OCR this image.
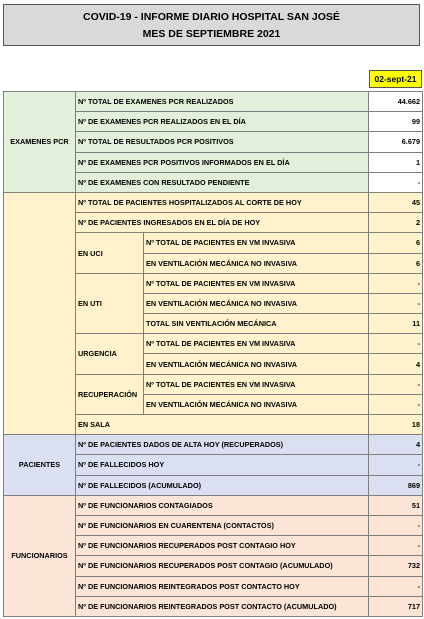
COVID-19 - INFORME DIARIO HOSPITAL SAN JOSÉ
MES DE SEPTIEMBRE 2021
02-sept-21
EXAMENES PCR	Nº TOTAL DE EXAMENES PCR REALIZADOS		44.662
	Nº DE EXAMENES PCR REALIZADOS EN EL DÍA		99
	Nº TOTAL DE RESULTADOS PCR POSITIVOS		6.679
	Nº DE EXAMENES PCR POSITIVOS INFORMADOS EN EL DÍA		1
	Nº DE EXAMENES CON RESULTADO PENDIENTE		-
	Nº TOTAL DE PACIENTES HOSPITALIZADOS AL CORTE DE HOY		45
	Nº DE PACIENTES INGRESADOS EN EL DÍA DE HOY		2
	EN UCI	Nº TOTAL DE PACIENTES EN VM INVASIVA	6
		EN VENTILACIÓN MECÁNICA NO INVASIVA	6
	EN UTI	Nº TOTAL DE PACIENTES EN VM INVASIVA	-
		EN VENTILACIÓN MECÁNICA NO INVASIVA	-
		TOTAL SIN VENTILACIÓN MECÁNICA	11
	URGENCIA	Nº TOTAL DE PACIENTES EN VM INVASIVA	-
		EN VENTILACIÓN MECÁNICA NO INVASIVA	4
	RECUPERACIÓN	Nº TOTAL DE PACIENTES EN VM INVASIVA	-
		EN VENTILACIÓN MECÁNICA NO INVASIVA	-
	EN SALA		18
PACIENTES	Nº DE PACIENTES DADOS DE ALTA HOY (RECUPERADOS)		4
	Nº DE FALLECIDOS HOY		-
	Nº DE FALLECIDOS (ACUMULADO)		869
FUNCIONARIOS	Nº DE FUNCIONARIOS CONTAGIADOS		51
	Nº DE FUNCIONARIOS EN CUARENTENA (CONTACTOS)		-
	Nº DE FUNCIONARIOS RECUPERADOS POST CONTAGIO HOY		-
	Nº DE FUNCIONARIOS RECUPERADOS POST CONTAGIO (ACUMULADO)		732
	Nº DE FUNCIONARIOS REINTEGRADOS POST CONTACTO HOY		-
	Nº DE FUNCIONARIOS REINTEGRADOS POST CONTACTO (ACUMULADO)		717
